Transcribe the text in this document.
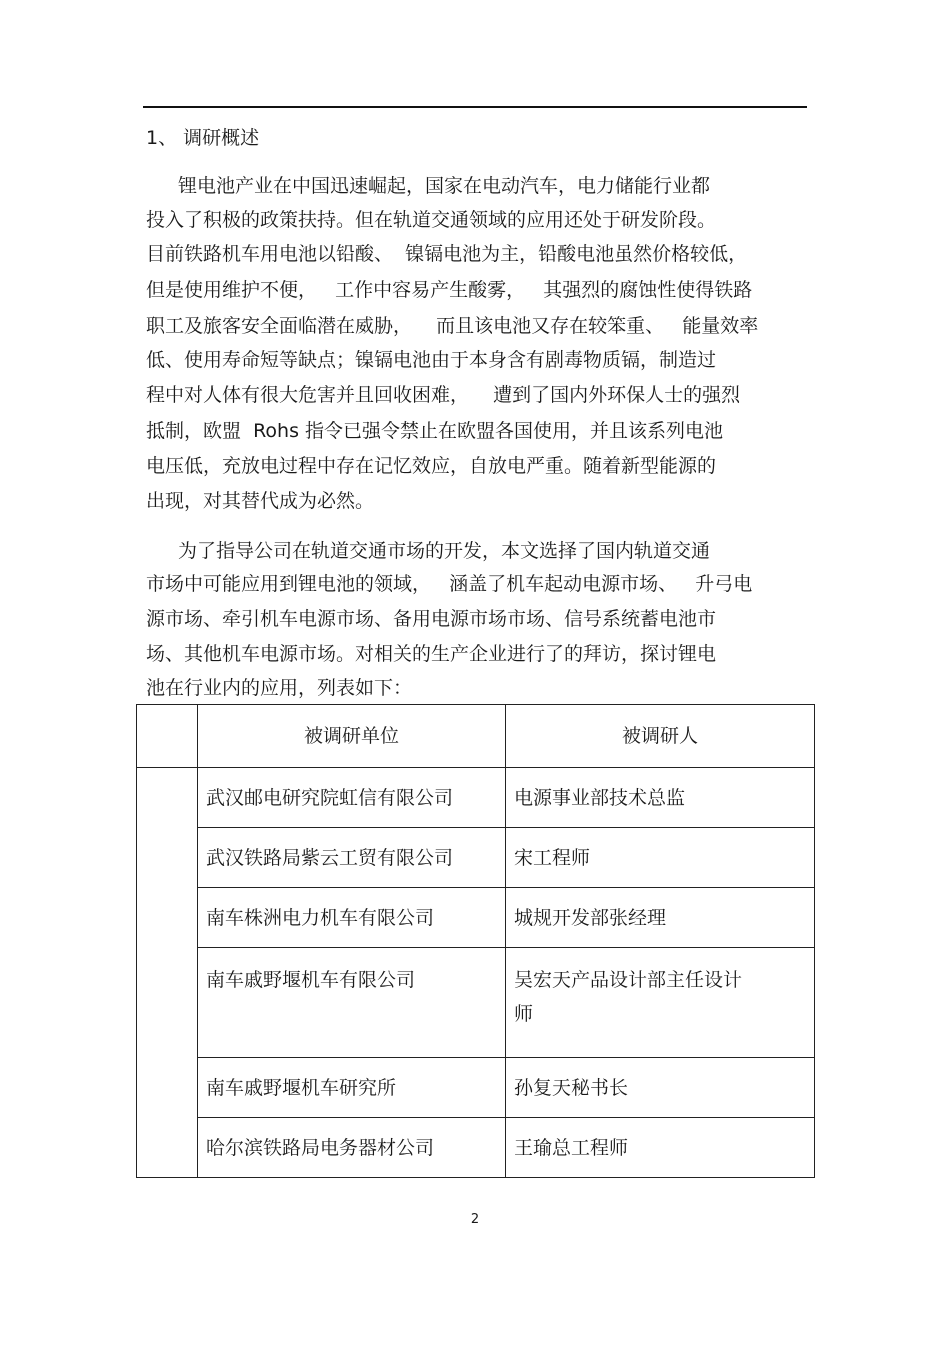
1、 调研概述
锂电池产业在中国迅速崛起，国家在电动汽车，电力储能行业都
投入了积极的政策扶持。但在轨道交通领域的应用还处于研发阶段。
目前铁路机车用电池以铅酸、  镍镉电池为主，铅酸电池虽然价格较低，
但是使用维护不便，   工作中容易产生酸雾，   其强烈的腐蚀性使得铁路
职工及旅客安全面临潜在威胁，    而且该电池又存在较笨重、   能量效率
低、使用寿命短等缺点；镍镉电池由于本身含有剧毒物质镉，制造过
程中对人体有很大危害并且回收困难，    遭到了国内外环保人士的强烈
抵制，欧盟  Rohs 指令已强令禁止在欧盟各国使用，并且该系列电池
电压低，充放电过程中存在记忆效应，自放电严重。随着新型能源的
出现，对其替代成为必然。
为了指导公司在轨道交通市场的开发，本文选择了国内轨道交通
市场中可能应用到锂电池的领域，   涵盖了机车起动电源市场、   升弓电
源市场、牵引机车电源市场、备用电源市场市场、信号系统蓄电池市
场、其他机车电源市场。对相关的生产企业进行了的拜访，探讨锂电
池在行业内的应用，列表如下：
	被调研单位	被调研人
	武汉邮电研究院虹信有限公司	电源事业部技术总监
	武汉铁路局紫云工贸有限公司	宋工程师
	南车株洲电力机车有限公司	城规开发部张经理
	南车戚野堰机车有限公司	吴宏天产品设计部主任设计
师

	南车戚野堰机车研究所	孙复天秘书长
	哈尔滨铁路局电务器材公司	王瑜总工程师
2
